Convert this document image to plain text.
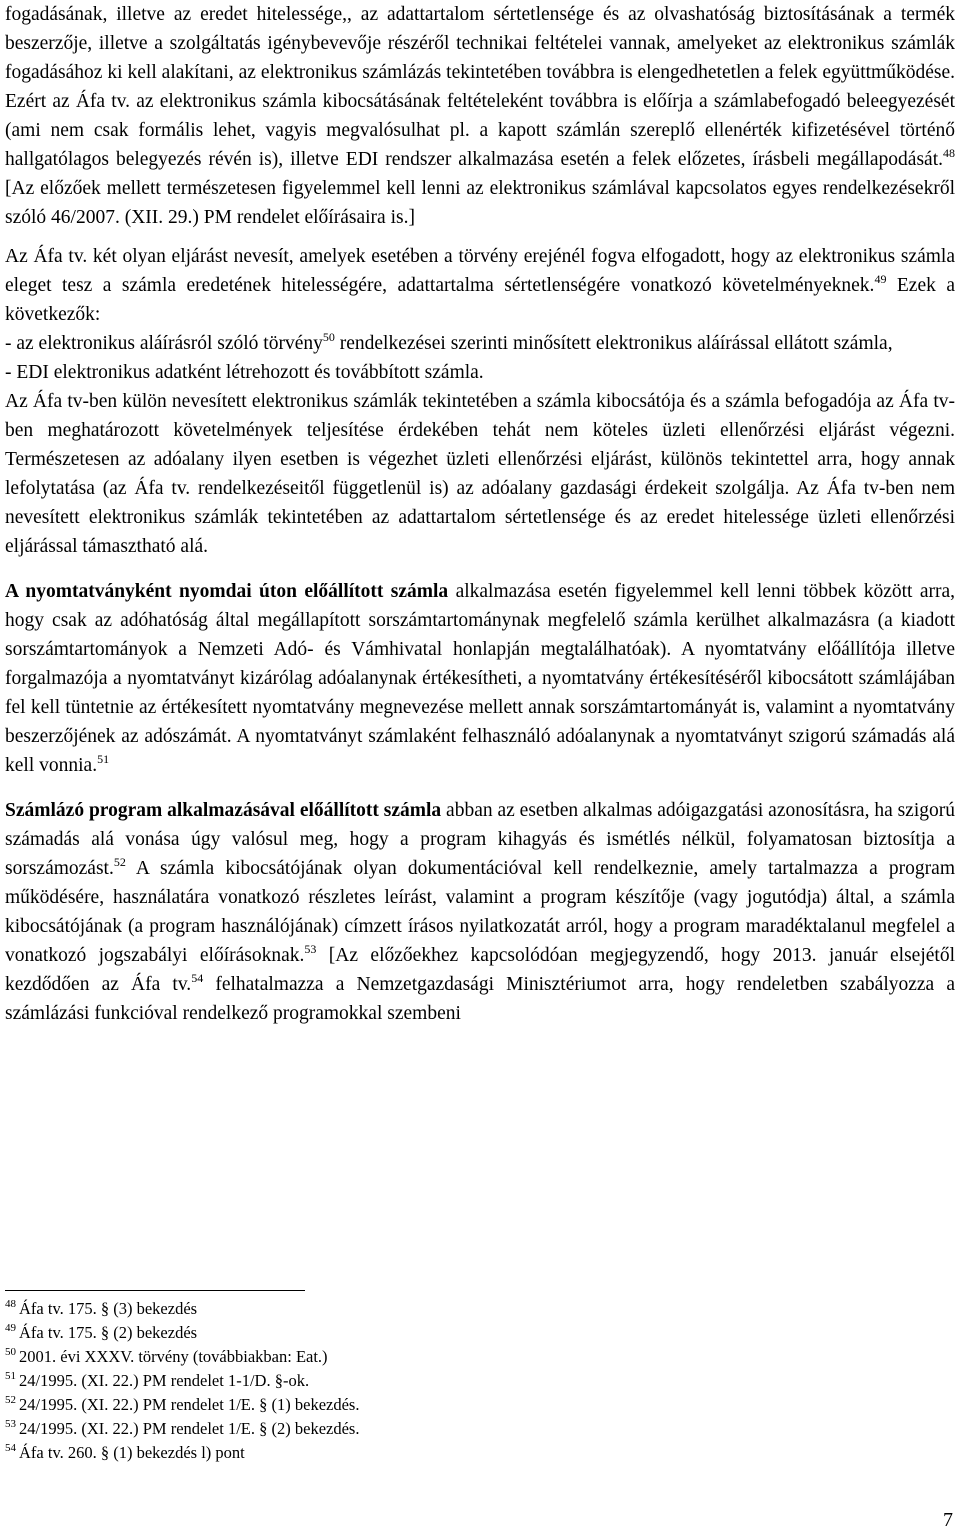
fogadásának, illetve az eredet hitelessége,, az adattartalom sértetlensége és az olvashatóság biztosításának a termék beszerzője, illetve a szolgáltatás igénybevevője részéről technikai feltételei vannak, amelyeket az elektronikus számlák fogadásához ki kell alakítani, az elektronikus számlázás tekintetében továbbra is elengedhetetlen a felek együttműködése. Ezért az Áfa tv. az elektronikus számla kibocsátásának feltételeként továbbra is előírja a számlabefogadó beleegyezését (ami nem csak formális lehet, vagyis megvalósulhat pl. a kapott számlán szereplő ellenérték kifizetésével történő hallgatólagos belegyezés révén is), illetve EDI rendszer alkalmazása esetén a felek előzetes, írásbeli megállapodását.$^{48}$ [Az előzőek mellett természetesen figyelemmel kell lenni az elektronikus számlával kapcsolatos egyes rendelkezésekről szóló 46/2007. (XII. 29.) PM rendelet előírásaira is.]

Az Áfa tv. két olyan eljárást nevesít, amelyek esetében a törvény erejénél fogva elfogadott, hogy az elektronikus számla eleget tesz a számla eredetének hitelességére, adattartalma sértetlenségére vonatkozó követelményeknek.$^{49}$ Ezek a következők:

- az elektronikus aláírásról szóló törvény$^{50}$ rendelkezései szerinti minősített elektronikus aláírással ellátott számla,

- EDI elektronikus adatként létrehozott és továbbított számla.

Az Áfa tv-ben külön nevesített elektronikus számlák tekintetében a számla kibocsátója és a számla befogadója az Áfa tv-ben meghatározott követelmények teljesítése érdekében tehát nem köteles üzleti ellenőrzési eljárást végezni. Természetesen az adóalany ilyen esetben is végezhet üzleti ellenőrzési eljárást, különös tekintettel arra, hogy annak lefolytatása (az Áfa tv. rendelkezéseitől függetlenül is) az adóalany gazdasági érdekeit szolgálja. Az Áfa tv-ben nem nevesített elektronikus számlák tekintetében az adattartalom sértetlensége és az eredet hitelessége üzleti ellenőrzési eljárással támasztható alá.

A nyomtatványként nyomdai úton előállított számla alkalmazása esetén figyelemmel kell lenni többek között arra, hogy csak az adóhatóság által megállapított sorszámtartománynak megfelelő számla kerülhet alkalmazásra (a kiadott sorszámtartományok a Nemzeti Adó- és Vámhivatal honlapján megtalálhatóak). A nyomtatvány előállítója illetve forgalmazója a nyomtatványt kizárólag adóalanynak értékesítheti, a nyomtatvány értékesítéséről kibocsátott számlájában fel kell tüntetnie az értékesített nyomtatvány megnevezése mellett annak sorszámtartományát is, valamint a nyomtatvány beszerzőjének az adószámát. A nyomtatványt számlaként felhasználó adóalanynak a nyomtatványt szigorú számadás alá kell vonnia.$^{51}$

Számlázó program alkalmazásával előállított számla abban az esetben alkalmas adóigazgatási azonosításra, ha szigorú számadás alá vonása úgy valósul meg, hogy a program kihagyás és ismétlés nélkül, folyamatosan biztosítja a sorszámozást.$^{52}$ A számla kibocsátójának olyan dokumentációval kell rendelkeznie, amely tartalmazza a program működésére, használatára vonatkozó részletes leírást, valamint a program készítője (vagy jogutódja) által, a számla kibocsátójának (a program használójának) címzett írásos nyilatkozatát arról, hogy a program maradéktalanul megfelel a vonatkozó jogszabályi előírásoknak.$^{53}$ [Az előzőekhez kapcsolódóan megjegyzendő, hogy 2013. január elsejétől kezdődően az Áfa tv.$^{54}$ felhatalmazza a Nemzetgazdasági Minisztériumot arra, hogy rendeletben szabályozza a számlázási funkcióval rendelkező programokkal szembeni

$^{48}$ Áfa tv. 175. § (3) bekezdés

$^{49}$ Áfa tv. 175. § (2) bekezdés

$^{50}$ 2001. évi XXXV. törvény (továbbiakban: Eat.)

$^{51}$ 24/1995. (XI. 22.) PM rendelet 1-1/D. §-ok.

$^{52}$ 24/1995. (XI. 22.) PM rendelet 1/E. § (1) bekezdés.

$^{53}$ 24/1995. (XI. 22.) PM rendelet 1/E. § (2) bekezdés.

$^{54}$ Áfa tv. 260. § (1) bekezdés l) pont

7
